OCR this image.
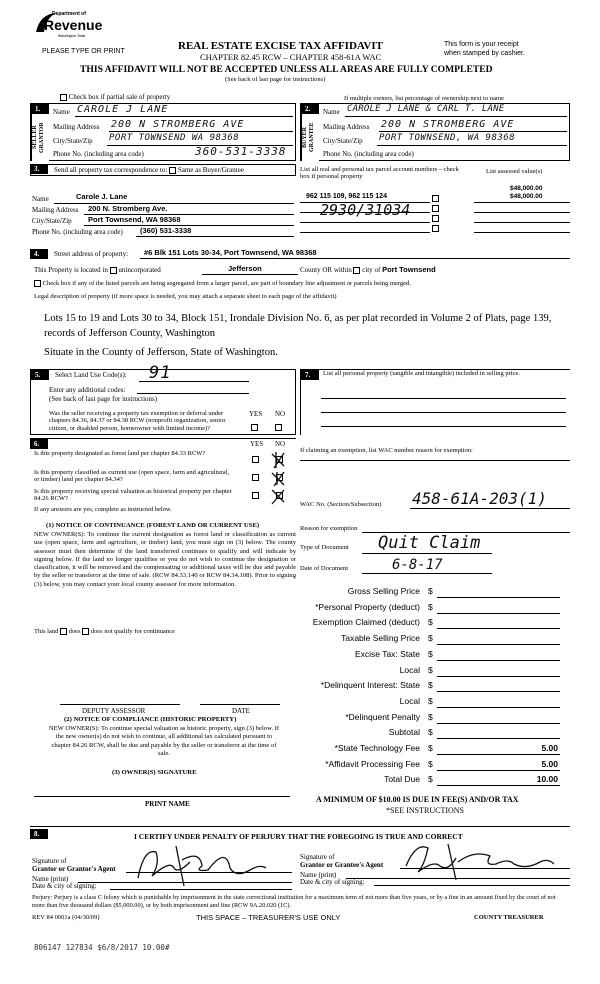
Department of
Revenue
Washington State
PLEASE TYPE OR PRINT	REAL ESTATE EXCISE TAX AFFIDAVIT
CHAPTER 82.45 RCW – CHAPTER 458-61A WAC
This form is your receipt
when stamped by cashier.
THIS AFFIDAVIT WILL NOT BE ACCEPTED UNLESS ALL AREAS ARE FULLY COMPLETED
(See back of last page for instructions)
Check box if partial sale of property	If multiple owners, list percentage of ownership next to name
1.
SELLER GRANTOR
Name CAROLE J LANE
Mailing Address 200 N STROMBERG AVE
City/State/Zip PORT TOWNSEND WA 98368
Phone No. (including area code)	360-531-3338
2.
BUYER GRANTEE
Name CAROLE J LANE & CARL T. LANE
Mailing Address 200 N STROMBERG AVE
City/State/Zip PORT TOWNSEND, WA 98368
Phone No. (including area code)
3.	Send all property tax correspondence to: Same as Buyer/Grantee	List all real and personal tax parcel account numbers – check box if personal property
List assessed value(s)
Name	Carole J. Lane
Mailing Address 200 N. Stromberg Ave.
City/State/Zip Port Townsend, WA 98368
Phone No. (including area code) (360) 531-3338
962 115 109, 962 115 124
2930/31034
$48,000.00
$48,000.00
4.	Street address of property: #6 Blk 151 Lots 30-34, Port Townsend, WA 98368
This Property is located in unincorporated	Jefferson	County OR within city of Port Townsend
Check box if any of the listed parcels are being segregated from a larger parcel, are part of boundary line adjustment or parcels being merged.
Legal description of property (if more space is needed, you may attach a separate sheet to each page of the affidavit)
Lots 15 to 19 and Lots 30 to 34, Block 151, Irondale Division No. 6, as per plat recorded in Volume 2 of Plats, page 139, records of Jefferson County, Washington
Situate in the County of Jefferson, State of Washington.
5.	Select Land Use Code(s): 91
Enter any additional codes:
(See back of last page for instructions)
YES NO
Was the seller receiving a property tax exemption or deferral under chapters 84.36, 84.37 or 84.38 RCW (nonprofit organization, senior citizen, or disabled person, homeowner with limited income)?
7.	List all personal property (tangible and intangible) included in selling price.
6.	YES NO
Is this property designated as forest land per chapter 84.33 RCW?
Is this property classified as current use (open space, farm and agricultural, or timber) land per chapter 84.34?
Is this property receiving special valuation as historical property per chapter 84.26 RCW?
If any answers are yes, complete as instructed below.
(1) NOTICE OF CONTINUANCE (FOREST LAND OR CURRENT USE)
NEW OWNER(S): To continue the current designation as forest land or classification as current use (open space, farm and agriculture, or timber) land, you must sign on (3) below. The county assessor must then determine if the land transferred continues to qualify and will indicate by signing below. If the land no longer qualifies or you do not wish to continue the designation or classification, it will be removed and the compensating or additional taxes will be due and payable by the seller or transferor at the time of sale. (RCW 84.33.140 or RCW 84.34.108). Prior to signing (3) below, you may contact your local county assessor for more information.
This land does does not qualify for continuance
DEPUTY ASSESSOR	DATE
(2) NOTICE OF COMPLIANCE (HISTORIC PROPERTY)
NEW OWNER(S): To continue special valuation as historic property, sign (3) below. If the new owner(s) do not wish to continue, all additional tax calculated pursuant to chapter 84.26 RCW, shall be due and payable by the seller or transferor at the time of sale.
(3) OWNER(S) SIGNATURE
PRINT NAME
If claiming an exemption, list WAC number reason for exemption:
WAC No. (Section/Subsection) 458-61A-203(1)
Reason for exemption
Type of Document Quit Claim
Date of Document	6-8-17
Gross Selling Price $
*Personal Property (deduct) $
Exemption Claimed (deduct) $
Taxable Selling Price $
Excise Tax: State $
Local $
*Delinquent Interest: State $
Local $
*Delinquent Penalty $
Subtotal $
*State Technology Fee $	5.00
*Affidavit Processing Fee $	5.00
Total Due $	10.00
A MINIMUM OF $10.00 IS DUE IN FEE(S) AND/OR TAX
*SEE INSTRUCTIONS
8.	I CERTIFY UNDER PENALTY OF PERJURY THAT THE FOREGOING IS TRUE AND CORRECT
Signature of
Grantor or Grantor's Agent
Name (print)
Signature of
Grantor or Grantee's Agent
Name (print)
Date & city of signing:	Date & city of signing:
Perjury: Perjury is a class C felony which is punishable by imprisonment in the state correctional institution for a maximum term of not more than five years, or by a fine in an amount fixed by the court of not more than five thousand dollars ($5,000.00), or by both imprisonment and fine (RCW 9A.20.020 (1C).
REV 84 0001a (04/30/09)	THIS SPACE – TREASURER'S USE ONLY	COUNTY TREASURER
806147 127834 $6/8/2017 10.00#
